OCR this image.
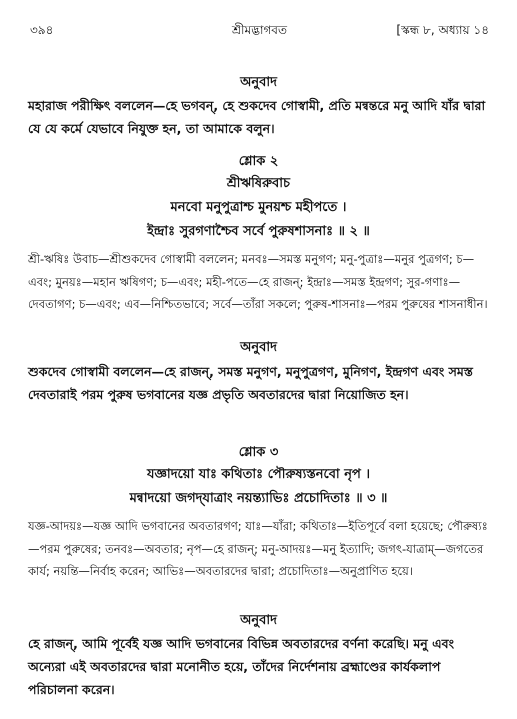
৩৯৪	শ্রীমদ্ভাগবত	[স্কন্ধ ৮, অধ্যায় ১৪
অনুবাদ
মহারাজ পরীক্ষিৎ বললেন—হে ভগবন্‌, হে শুকদেব গোস্বামী, প্রতি মন্বন্তরে মনু আদি যাঁর দ্বারা যে যে কর্মে যেভাবে নিযুক্ত হন, তা আমাকে বলুন।
শ্লোক ২
শ্রীঋষিরুবাচ
মনবো মনুপুত্রাশ্চ মুনয়শ্চ মহীপতে ।
ইন্দ্রাঃ সুরগণাশ্চৈব সর্বে পুরুষশাসনাঃ ॥ ২ ॥
শ্রী-ঋষিঃ উবাচ—শ্রীশুকদেব গোস্বামী বললেন; মনবঃ—সমস্ত মনুগণ; মনু-পুত্রাঃ—মনুর পুত্রগণ; চ—এবং; মুনয়ঃ—মহান ঋষিগণ; চ—এবং; মহী-পতে—হে রাজন্‌; ইন্দ্রাঃ—সমস্ত ইন্দ্রগণ; সুর-গণাঃ—দেবতাগণ; চ—এবং; এব—নিশ্চিতভাবে; সর্বে—তাঁরা সকলে; পুরুষ-শাসনাঃ—পরম পুরুষের শাসনাধীন।
অনুবাদ
শুকদেব গোস্বামী বললেন—হে রাজন্‌, সমস্ত মনুগণ, মনুপুত্রগণ, মুনিগণ, ইন্দ্রগণ এবং সমস্ত দেবতারাই পরম পুরুষ ভগবানের যজ্ঞ প্রভৃতি অবতারদের দ্বারা নিয়োজিত হন।
শ্লোক ৩
যজ্ঞাদয়ো যাঃ কথিতাঃ পৌরুষ্যস্তনবো নৃপ ।
মন্বাদয়ো জগদ্‌যাত্রাং নয়ন্ত্যাভিঃ প্রচোদিতাঃ ॥ ৩ ॥
যজ্ঞ-আদয়ঃ—যজ্ঞ আদি ভগবানের অবতারগণ; যাঃ—যাঁরা; কথিতাঃ—ইতিপূর্বে বলা হয়েছে; পৌরুষ্যঃ—পরম পুরুষের; তনবঃ—অবতার; নৃপ—হে রাজন্‌; মনু-আদয়ঃ—মনু ইত্যাদি; জগৎ-যাত্রাম্‌—জগতের কার্য; নয়ন্তি—নির্বাহ করেন; আভিঃ—অবতারদের দ্বারা; প্রচোদিতাঃ—অনুপ্রাণিত হয়ে।
অনুবাদ
হে রাজন্‌, আমি পূর্বেই যজ্ঞ আদি ভগবানের বিভিন্ন অবতারদের বর্ণনা করেছি। মনু এবং অন্যেরা এই অবতারদের দ্বারা মনোনীত হয়ে, তাঁদের নির্দেশনায় ব্রহ্মাণ্ডের কার্যকলাপ পরিচালনা করেন।
